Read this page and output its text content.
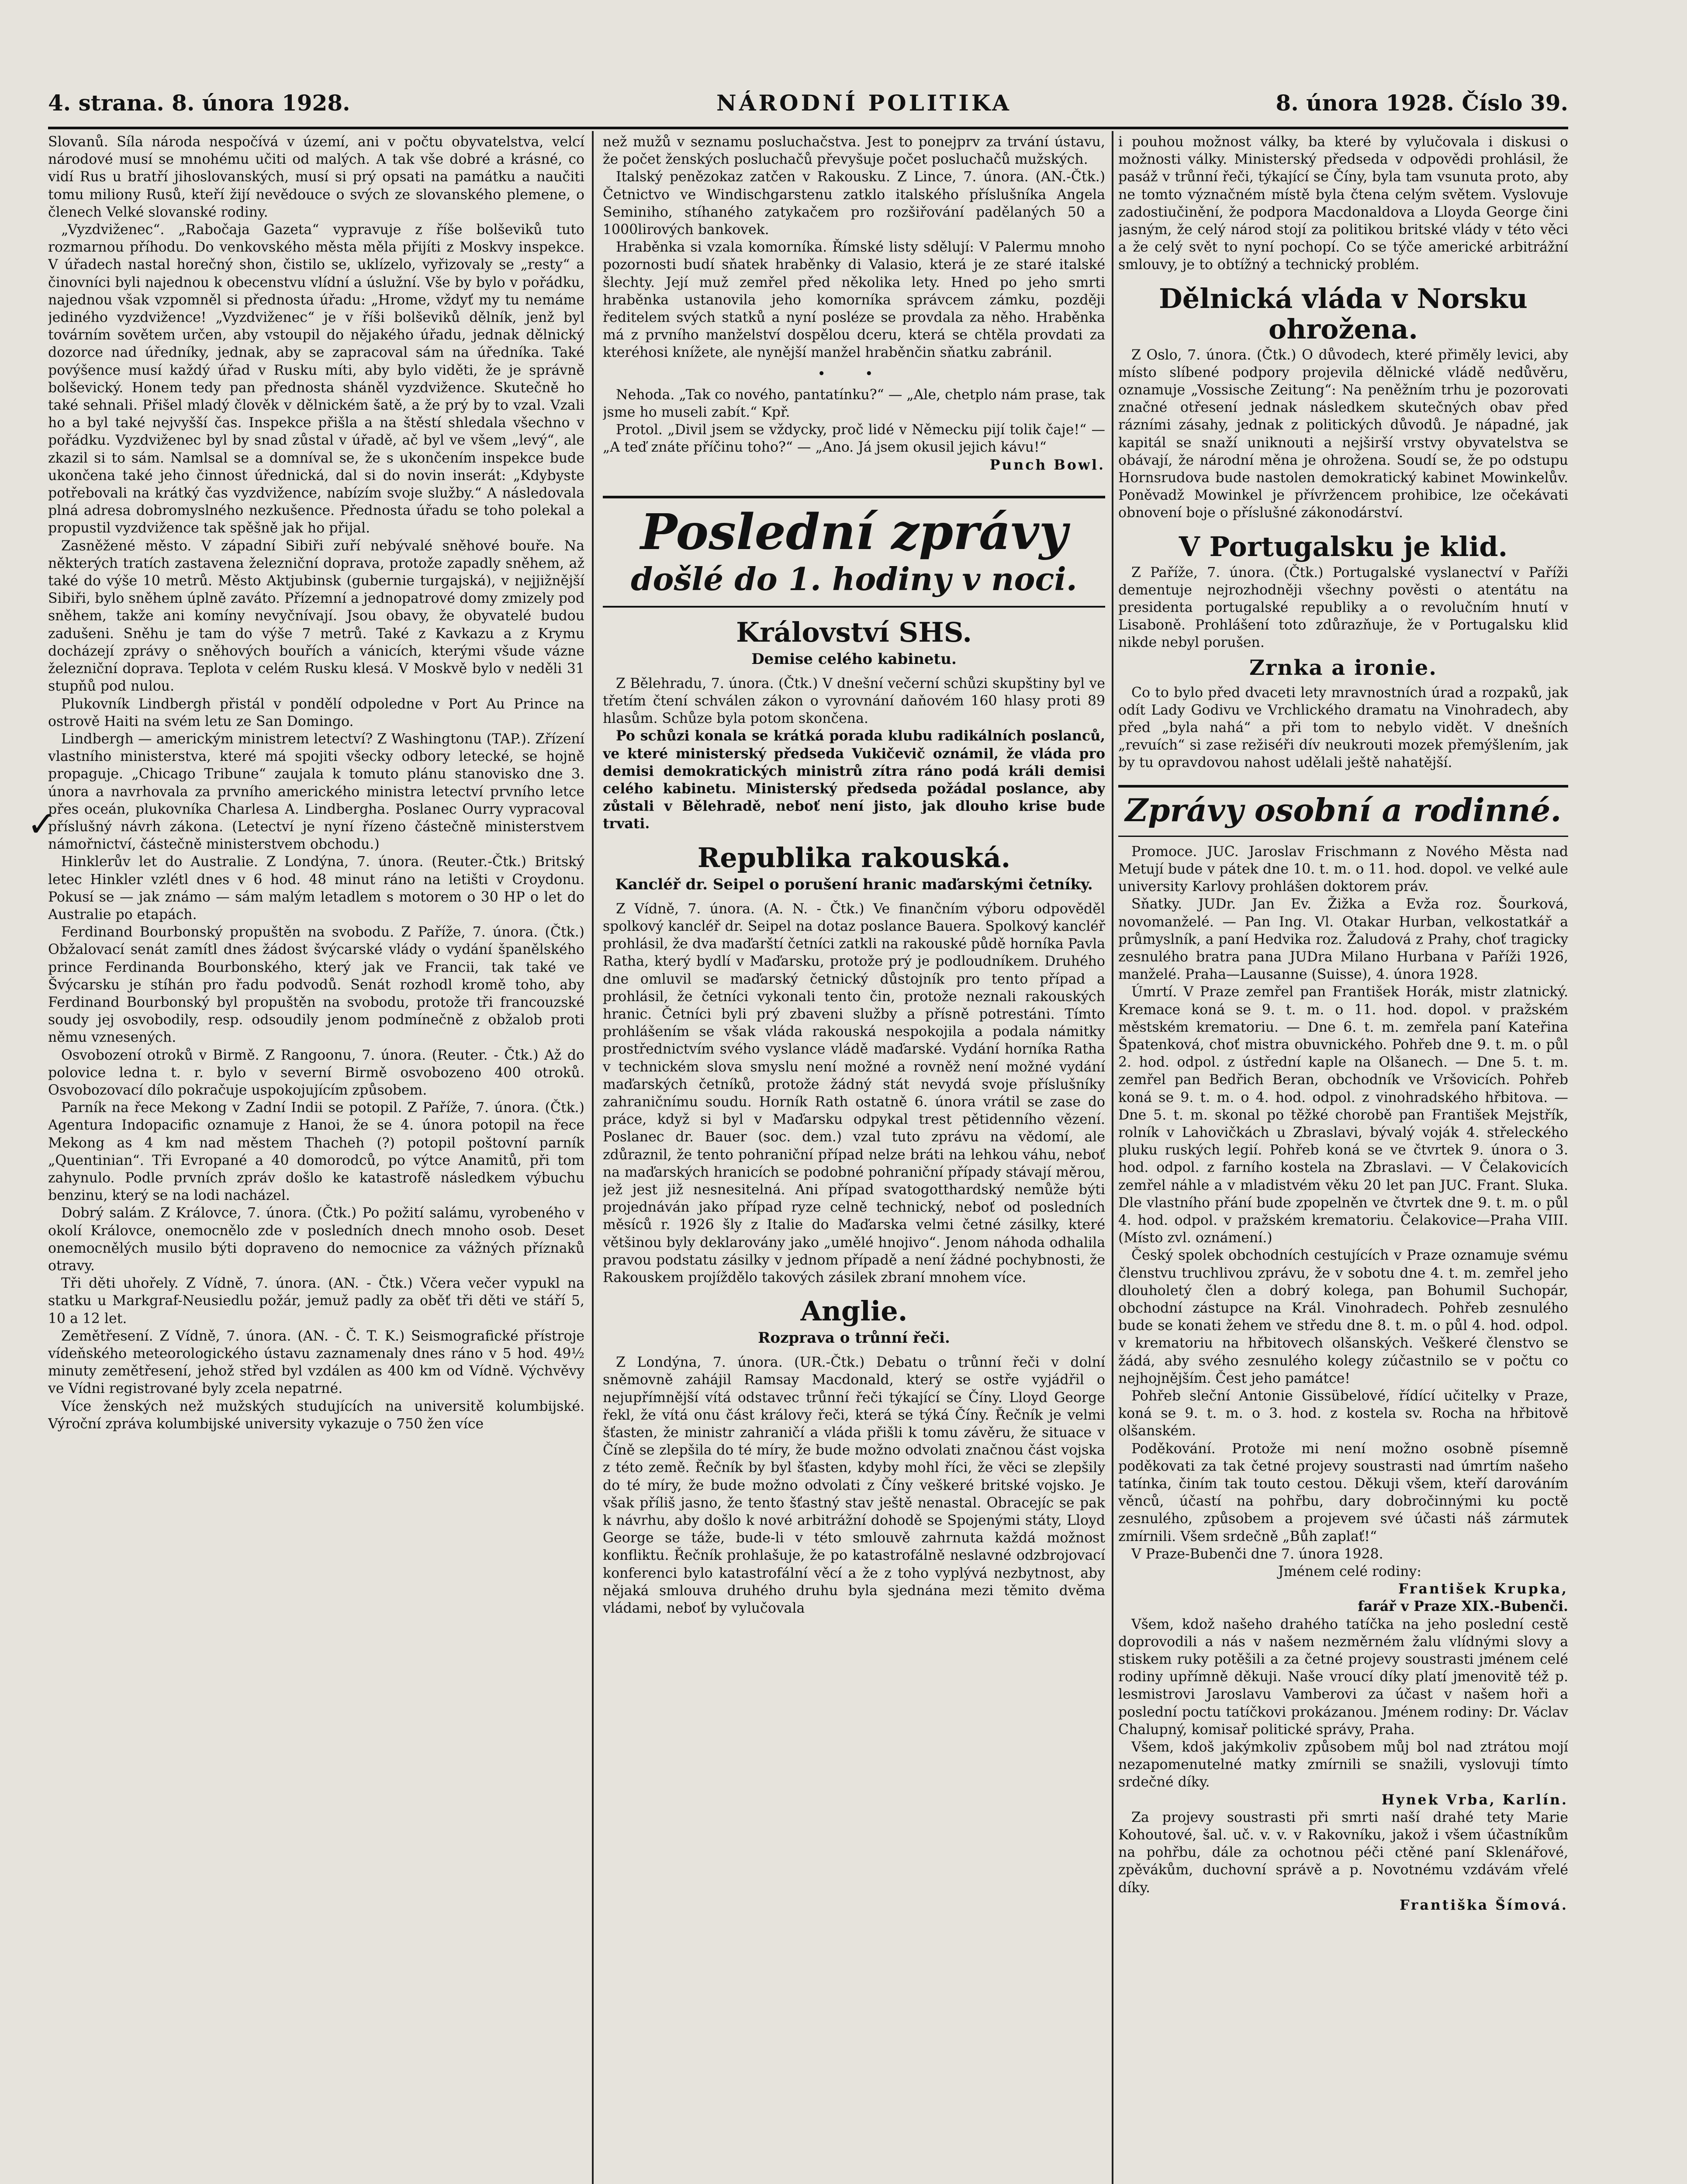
4. strana. 8. února 1928.	NÁRODNÍ POLITIKA	8. února 1928. Číslo 39.
✓

Slovanů. Síla národa nespočívá v území, ani v počtu obyvatelstva, velcí národové musí se mnohému učiti od malých. A tak vše dobré a krásné, co vidí Rus u bratří jihoslovanských, musí si prý opsati na památku a naučiti tomu miliony Rusů, kteří žijí nevědouce o svých ze slovanského plemene, o členech Velké slovanské rodiny.

„Vyzdviženec“. „Rabočaja Gazeta“ vypravuje z říše bolševiků tuto rozmarnou příhodu. Do venkovského města měla přijíti z Moskvy inspekce. V úřadech nastal horečný shon, čistilo se, uklízelo, vyřizovaly se „resty“ a činovníci byli najednou k obecenstvu vlídní a úslužní. Vše by bylo v pořádku, najednou však vzpomněl si přednosta úřadu: „Hrome, vždyť my tu nemáme jediného vyzdvižence! „Vyzdviženec“ je v říši bolševiků dělník, jenž byl továrním sovětem určen, aby vstoupil do nějakého úřadu, jednak dělnický dozorce nad úředníky, jednak, aby se zapracoval sám na úředníka. Také povýšence musí každý úřad v Rusku míti, aby bylo viděti, že je správně bolševický. Honem tedy pan přednosta sháněl vyzdvižence. Skutečně ho také sehnali. Přišel mladý člověk v dělnickém šatě, a že prý by to vzal. Vzali ho a byl také nejvyšší čas. Inspekce přišla a na štěstí shledala všechno v pořádku. Vyzdviženec byl by snad zůstal v úřadě, ač byl ve všem „levý“, ale zkazil si to sám. Namlsal se a domníval se, že s ukončením inspekce bude ukončena také jeho činnost úřednická, dal si do novin inserát: „Kdybyste potřebovali na krátký čas vyzdvižence, nabízím svoje služby.“ A následovala plná adresa dobromyslného nezkušence. Přednosta úřadu se toho polekal a propustil vyzdvižence tak spěšně jak ho přijal.

Zasněžené město. V západní Sibiři zuří nebývalé sněhové bouře. Na některých tratích zastavena železniční doprava, protože zapadly sněhem, až také do výše 10 metrů. Město Aktjubinsk (gubernie turgajská), v nejjižnější Sibiři, bylo sněhem úplně zaváto. Přízemní a jednopatrové domy zmizely pod sněhem, takže ani komíny nevyčnívají. Jsou obavy, že obyvatelé budou zadušeni. Sněhu je tam do výše 7 metrů. Také z Kavkazu a z Krymu docházejí zprávy o sněhových bouřích a vánicích, kterými všude vázne železniční doprava. Teplota v celém Rusku klesá. V Moskvě bylo v neděli 31 stupňů pod nulou.

Plukovník Lindbergh přistál v pondělí odpoledne v Port Au Prince na ostrově Haiti na svém letu ze San Domingo.

Lindbergh — americkým ministrem letectví? Z Washingtonu (TAP.). Zřízení vlastního ministerstva, které má spojiti všecky odbory letecké, se hojně propaguje. „Chicago Tribune“ zaujala k tomuto plánu stanovisko dne 3. února a navrhovala za prvního amerického ministra letectví prvního letce přes oceán, plukovníka Charlesa A. Lindbergha. Poslanec Ourry vypracoval příslušný návrh zákona. (Letectví je nyní řízeno částečně ministerstvem námořnictví, částečně ministerstvem obchodu.)

Hinklerův let do Australie. Z Londýna, 7. února. (Reuter.-Čtk.) Britský letec Hinkler vzlétl dnes v 6 hod. 48 minut ráno na letišti v Croydonu. Pokusí se — jak známo — sám malým letadlem s motorem o 30 HP o let do Australie po etapách.

Ferdinand Bourbonský propuštěn na svobodu. Z Paříže, 7. února. (Čtk.) Obžalovací senát zamítl dnes žádost švýcarské vlády o vydání španělského prince Ferdinanda Bourbonského, který jak ve Francii, tak také ve Švýcarsku je stíhán pro řadu podvodů. Senát rozhodl kromě toho, aby Ferdinand Bourbonský byl propuštěn na svobodu, protože tři francouzské soudy jej osvobodily, resp. odsoudily jenom podmínečně z obžalob proti němu vznesených.

Osvobození otroků v Birmě. Z Rangoonu, 7. února. (Reuter. - Čtk.) Až do polovice ledna t. r. bylo v severní Birmě osvobozeno 400 otroků. Osvobozovací dílo pokračuje uspokojujícím způsobem.

Parník na řece Mekong v Zadní Indii se potopil. Z Paříže, 7. února. (Čtk.) Agentura Indopacific oznamuje z Hanoi, že se 4. února potopil na řece Mekong as 4 km nad městem Thacheh (?) potopil poštovní parník „Quentinian“. Tři Evropané a 40 domorodců, po výtce Anamitů, při tom zahynulo. Podle prvních zpráv došlo ke katastrofě následkem výbuchu benzinu, který se na lodi nacházel.

Dobrý salám. Z Královce, 7. února. (Čtk.) Po požití salámu, vyrobeného v okolí Královce, onemocnělo zde v posledních dnech mnoho osob. Deset onemocnělých musilo býti dopraveno do nemocnice za vážných příznaků otravy.

Tři děti uhořely. Z Vídně, 7. února. (AN. - Čtk.) Včera večer vypukl na statku u Markgraf-Neusiedlu požár, jemuž padly za oběť tři děti ve stáří 5, 10 a 12 let.

Zemětřesení. Z Vídně, 7. února. (AN. - Č. T. K.) Seismografické přístroje vídeňského meteorologického ústavu zaznamenaly dnes ráno v 5 hod. 49½ minuty zemětřesení, jehož střed byl vzdálen as 400 km od Vídně. Výchvěvy ve Vídni registrované byly zcela nepatrné.

Více ženských než mužských studujících na universitě kolumbijské. Výroční zpráva kolumbijské university vykazuje o 750 žen více

než mužů v seznamu posluchačstva. Jest to ponejprv za trvání ústavu, že počet ženských posluchačů převyšuje počet posluchačů mužských.

Italský penězokaz zatčen v Rakousku. Z Lince, 7. února. (AN.-Čtk.) Četnictvo ve Windischgarstenu zatklo italského příslušníka Angela Seminiho, stíhaného zatykačem pro rozšiřování padělaných 50 a 1000lirových bankovek.

Hraběnka si vzala komorníka. Římské listy sdělují: V Palermu mnoho pozornosti budí sňatek hraběnky di Valasio, která je ze staré italské šlechty. Její muž zemřel před několika lety. Hned po jeho smrti hraběnka ustanovila jeho komorníka správcem zámku, později ředitelem svých statků a nyní posléze se provdala za něho. Hraběnka má z prvního manželství dospělou dceru, která se chtěla provdati za kteréhosi knížete, ale nynější manžel hraběnčin sňatku zabránil.

• •

Nehoda. „Tak co nového, pantatínku?“ — „Ale, chetplo nám prase, tak jsme ho museli zabít.“ Kpř.

Protol. „Divil jsem se vždycky, proč lidé v Německu pijí tolik čaje!“ — „A teď znáte příčinu toho?“ — „Ano. Já jsem okusil jejich kávu!“

Punch Bowl.

Poslední zprávy
došlé do 1. hodiny v noci.
Království SHS.
Demise celého kabinetu.

Z Bělehradu, 7. února. (Čtk.) V dnešní večerní schůzi skupštiny byl ve třetím čtení schválen zákon o vyrovnání daňovém 160 hlasy proti 89 hlasům. Schůze byla potom skončena.

Po schůzi konala se krátká porada klubu radikálních poslanců, ve které ministerský předseda Vukičevič oznámil, že vláda pro demisi demokratických ministrů zítra ráno podá králi demisi celého kabinetu. Ministerský předseda požádal poslance, aby zůstali v Bělehradě, neboť není jisto, jak dlouho krise bude trvati.

Republika rakouská.
Kancléř dr. Seipel o porušení hranic maďarskými četníky.

Z Vídně, 7. února. (A. N. - Čtk.) Ve finančním výboru odpověděl spolkový kancléř dr. Seipel na dotaz poslance Bauera. Spolkový kancléř prohlásil, že dva maďarští četníci zatkli na rakouské půdě horníka Pavla Ratha, který bydlí v Maďarsku, protože prý je podloudníkem. Druhého dne omluvil se maďarský četnický důstojník pro tento případ a prohlásil, že četníci vykonali tento čin, protože neznali rakouských hranic. Četníci byli prý zbaveni služby a přísně potrestáni. Tímto prohlášením se však vláda rakouská nespokojila a podala námitky prostřednictvím svého vyslance vládě maďarské. Vydání horníka Ratha v technickém slova smyslu není možné a rovněž není možné vydání maďarských četníků, protože žádný stát nevydá svoje příslušníky zahraničnímu soudu. Horník Rath ostatně 6. února vrátil se zase do práce, když si byl v Maďarsku odpykal trest pětidenního vězení. Poslanec dr. Bauer (soc. dem.) vzal tuto zprávu na vědomí, ale zdůraznil, že tento pohraniční případ nelze bráti na lehkou váhu, neboť na maďarských hranicích se podobné pohraniční případy stávají měrou, jež jest již nesnesitelná. Ani případ svatogotthardský nemůže býti projednáván jako případ ryze celně technický, neboť od posledních měsíců r. 1926 šly z Italie do Maďarska velmi četné zásilky, které většinou byly deklarovány jako „umělé hnojivo“. Jenom náhoda odhalila pravou podstatu zásilky v jednom případě a není žádné pochybnosti, že Rakouskem projíždělo takových zásilek zbraní mnohem více.

Anglie.
Rozprava o trůnní řeči.

Z Londýna, 7. února. (UR.-Čtk.) Debatu o trůnní řeči v dolní sněmovně zahájil Ramsay Macdonald, který se ostře vyjádřil o nejupřímnější vítá odstavec trůnní řeči týkající se Číny. Lloyd George řekl, že vítá onu část královy řeči, která se týká Číny. Řečník je velmi šťasten, že ministr zahraničí a vláda přišli k tomu závěru, že situace v Číně se zlepšila do té míry, že bude možno odvolati značnou část vojska z této země. Řečník by byl šťasten, kdyby mohl říci, že věci se zlepšily do té míry, že bude možno odvolati z Číny veškeré britské vojsko. Je však příliš jasno, že tento šťastný stav ještě nenastal. Obracejíc se pak k návrhu, aby došlo k nové arbitrážní dohodě se Spojenými státy, Lloyd George se táže, bude-li v této smlouvě zahrnuta každá možnost konfliktu. Řečník prohlašuje, že po katastrofálně neslavné odzbrojovací konferenci bylo katastrofální věcí a že z toho vyplývá nezbytnost, aby nějaká smlouva druhého druhu byla sjednána mezi těmito dvěma vládami, neboť by vylučovala

i pouhou možnost války, ba které by vylučovala i diskusi o možnosti války. Ministerský předseda v odpovědi prohlásil, že pasáž v trůnní řeči, týkající se Číny, byla tam vsunuta proto, aby ne tomto význačném místě byla čtena celým světem. Vyslovuje zadostiučinění, že podpora Macdonaldova a Lloyda George čini jasným, že celý národ stojí za politikou britské vlády v této věci a že celý svět to nyní pochopí. Co se týče americké arbitrážní smlouvy, je to obtížný a technický problém.

Dělnická vláda v Norsku ohrožena.

Z Oslo, 7. února. (Čtk.) O důvodech, které přiměly levici, aby místo slíbené podpory projevila dělnické vládě nedůvěru, oznamuje „Vossische Zeitung“: Na peněžním trhu je pozorovati značné otřesení jednak následkem skutečných obav před rázními zásahy, jednak z politických důvodů. Je nápadné, jak kapitál se snaží uniknouti a nejširší vrstvy obyvatelstva se obávají, že národní měna je ohrožena. Soudí se, že po odstupu Hornsrudova bude nastolen demokratický kabinet Mowinkelův. Poněvadž Mowinkel je přívržencem prohibice, lze očekávati obnovení boje o příslušné zákonodárství.

V Portugalsku je klid.

Z Paříže, 7. února. (Čtk.) Portugalské vyslanectví v Paříži dementuje nejrozhodněji všechny pověsti o atentátu na presidenta portugalské republiky a o revolučním hnutí v Lisaboně. Prohlášení toto zdůrazňuje, že v Portugalsku klid nikde nebyl porušen.

Zrnka a ironie.

Co to bylo před dvaceti lety mravnostních úrad a rozpaků, jak odít Lady Godivu ve Vrchlického dramatu na Vinohradech, aby před „byla nahá“ a při tom to nebylo vidět. V dnešních „revuích“ si zase režiséři dív neukrouti mozek přemýšlením, jak by tu opravdovou nahost udělali ještě nahatější.

Zprávy osobní a rodinné.

Promoce. JUC. Jaroslav Frischmann z Nového Města nad Metují bude v pátek dne 10. t. m. o 11. hod. dopol. ve velké aule university Karlovy prohlášen doktorem práv.

Sňatky. JUDr. Jan Ev. Žižka a Evža roz. Šourková, novomanželé. — Pan Ing. Vl. Otakar Hurban, velkostatkář a průmyslník, a paní Hedvika roz. Žaludová z Prahy, choť tragicky zesnulého bratra pana JUDra Milano Hurbana v Paříži 1926, manželé. Praha—Lausanne (Suisse), 4. února 1928.

Úmrtí. V Praze zemřel pan František Horák, mistr zlatnický. Kremace koná se 9. t. m. o 11. hod. dopol. v pražském městském krematoriu. — Dne 6. t. m. zemřela paní Kateřina Špatenková, choť mistra obuvnického. Pohřeb dne 9. t. m. o půl 2. hod. odpol. z ústřední kaple na Olšanech. — Dne 5. t. m. zemřel pan Bedřich Beran, obchodník ve Vršovicích. Pohřeb koná se 9. t. m. o 4. hod. odpol. z vinohradského hřbitova. — Dne 5. t. m. skonal po těžké chorobě pan František Mejstřík, rolník v Lahovičkách u Zbraslavi, bývalý voják 4. střeleckého pluku ruských legií. Pohřeb koná se ve čtvrtek 9. února o 3. hod. odpol. z farního kostela na Zbraslavi. — V Čelakovicích zemřel náhle a v mladistvém věku 20 let pan JUC. Frant. Sluka. Dle vlastního přání bude zpopelněn ve čtvrtek dne 9. t. m. o půl 4. hod. odpol. v pražském krematoriu. Čelakovice—Praha VIII. (Místo zvl. oznámení.)

Český spolek obchodních cestujících v Praze oznamuje svému členstvu truchlivou zprávu, že v sobotu dne 4. t. m. zemřel jeho dlouholetý člen a dobrý kolega, pan Bohumil Suchopár, obchodní zástupce na Král. Vinohradech. Pohřeb zesnulého bude se konati žehem ve středu dne 8. t. m. o půl 4. hod. odpol. v krematoriu na hřbitovech olšanských. Veškeré členstvo se žádá, aby svého zesnulého kolegy zúčastnilo se v počtu co nejhojnějším. Čest jeho památce!

Pohřeb sleční Antonie Gissübelové, řídící učitelky v Praze, koná se 9. t. m. o 3. hod. z kostela sv. Rocha na hřbitově olšanském.

Poděkování. Protože mi není možno osobně písemně poděkovati za tak četné projevy soustrasti nad úmrtím našeho tatínka, činím tak touto cestou. Děkuji všem, kteří darováním věnců, účastí na pohřbu, dary dobročinnými ku poctě zesnulého, způsobem a projevem své účasti náš zármutek zmírnili. Všem srdečně „Bůh zaplať!“

V Praze-Bubenči dne 7. února 1928.

Jménem celé rodiny:

František Krupka,

farář v Praze XIX.-Bubenči.

Všem, kdož našeho drahého tatíčka na jeho poslední cestě doprovodili a nás v našem nezměrném žalu vlídnými slovy a stiskem ruky potěšili a za četné projevy soustrasti jménem celé rodiny upřímně děkuji. Naše vroucí díky platí jmenovitě též p. lesmistrovi Jaroslavu Vamberovi za účast v našem hoři a poslední poctu tatíčkovi prokázanou. Jménem rodiny: Dr. Václav Chalupný, komisař politické správy, Praha.

Všem, kdoš jakýmkoliv způsobem můj bol nad ztrátou mojí nezapomenutelné matky zmírnili se snažili, vyslovuji tímto srdečné díky.

Hynek Vrba, Karlín.

Za projevy soustrasti při smrti naší drahé tety Marie Kohoutové, šal. uč. v. v. v Rakovníku, jakož i všem účastníkům na pohřbu, dále za ochotnou péči ctěné paní Sklenářové, zpěvákům, duchovní správě a p. Novotnému vzdávám vřelé díky.

Františka Šímová.
